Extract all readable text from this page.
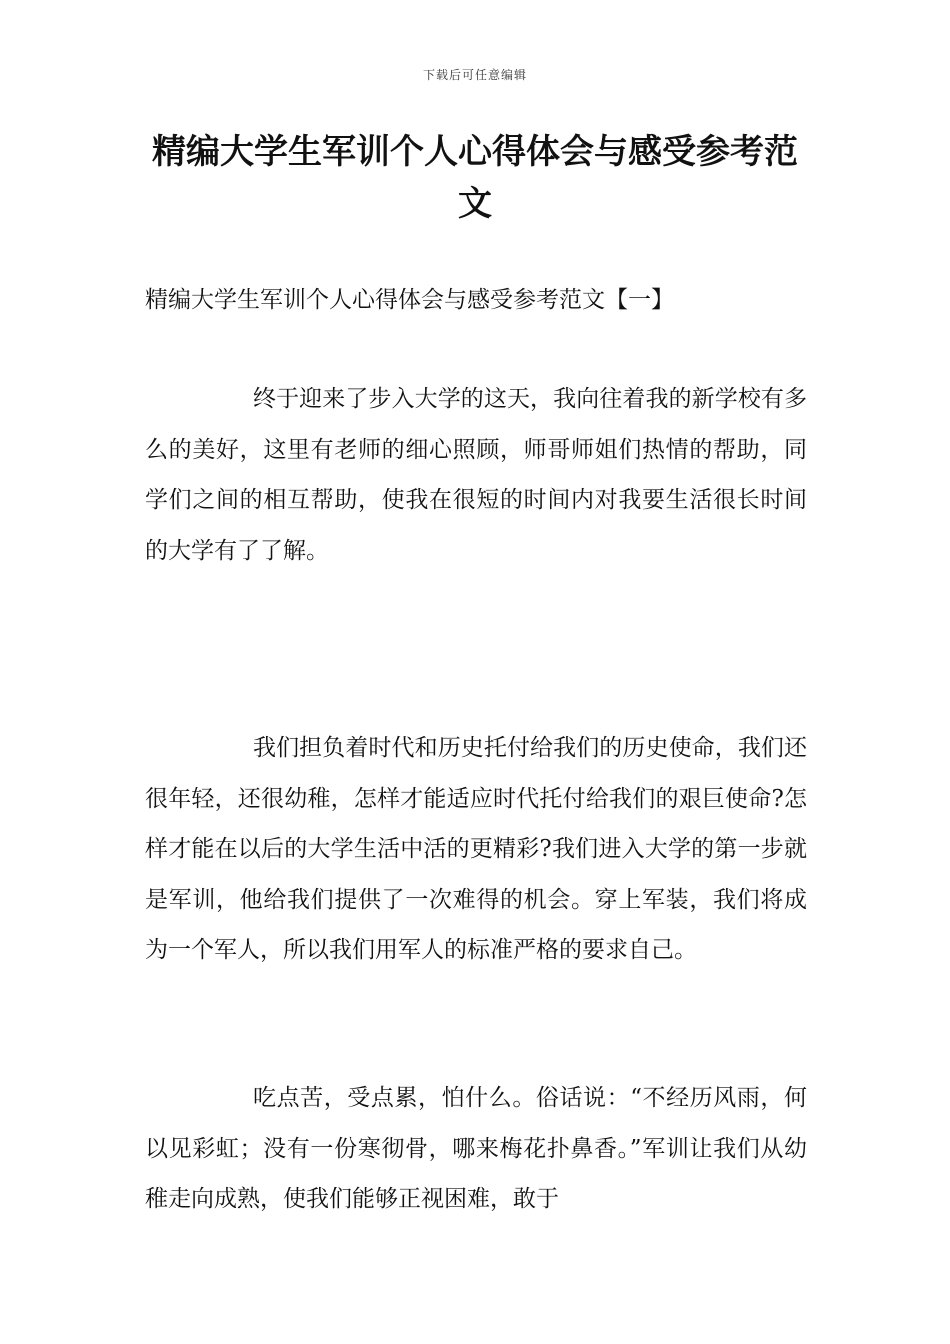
下载后可任意编辑
精编大学生军训个人心得体会与感受参考范文
精编大学生军训个人心得体会与感受参考范文【一】

终于迎来了步入大学的这天，我向往着我的新学校有多么的美好，这里有老师的细心照顾，师哥师姐们热情的帮助，同学们之间的相互帮助，使我在很短的时间内对我要生活很长时间的大学有了了解。

我们担负着时代和历史托付给我们的历史使命，我们还很年轻，还很幼稚，怎样才能适应时代托付给我们的艰巨使命?怎样才能在以后的大学生活中活的更精彩?我们进入大学的第一步就是军训，他给我们提供了一次难得的机会。穿上军装，我们将成为一个军人，所以我们用军人的标准严格的要求自己。

吃点苦，受点累，怕什么。俗话说：“不经历风雨，何以见彩虹；没有一份寒彻骨，哪来梅花扑鼻香。”军训让我们从幼稚走向成熟，使我们能够正视困难，敢于
